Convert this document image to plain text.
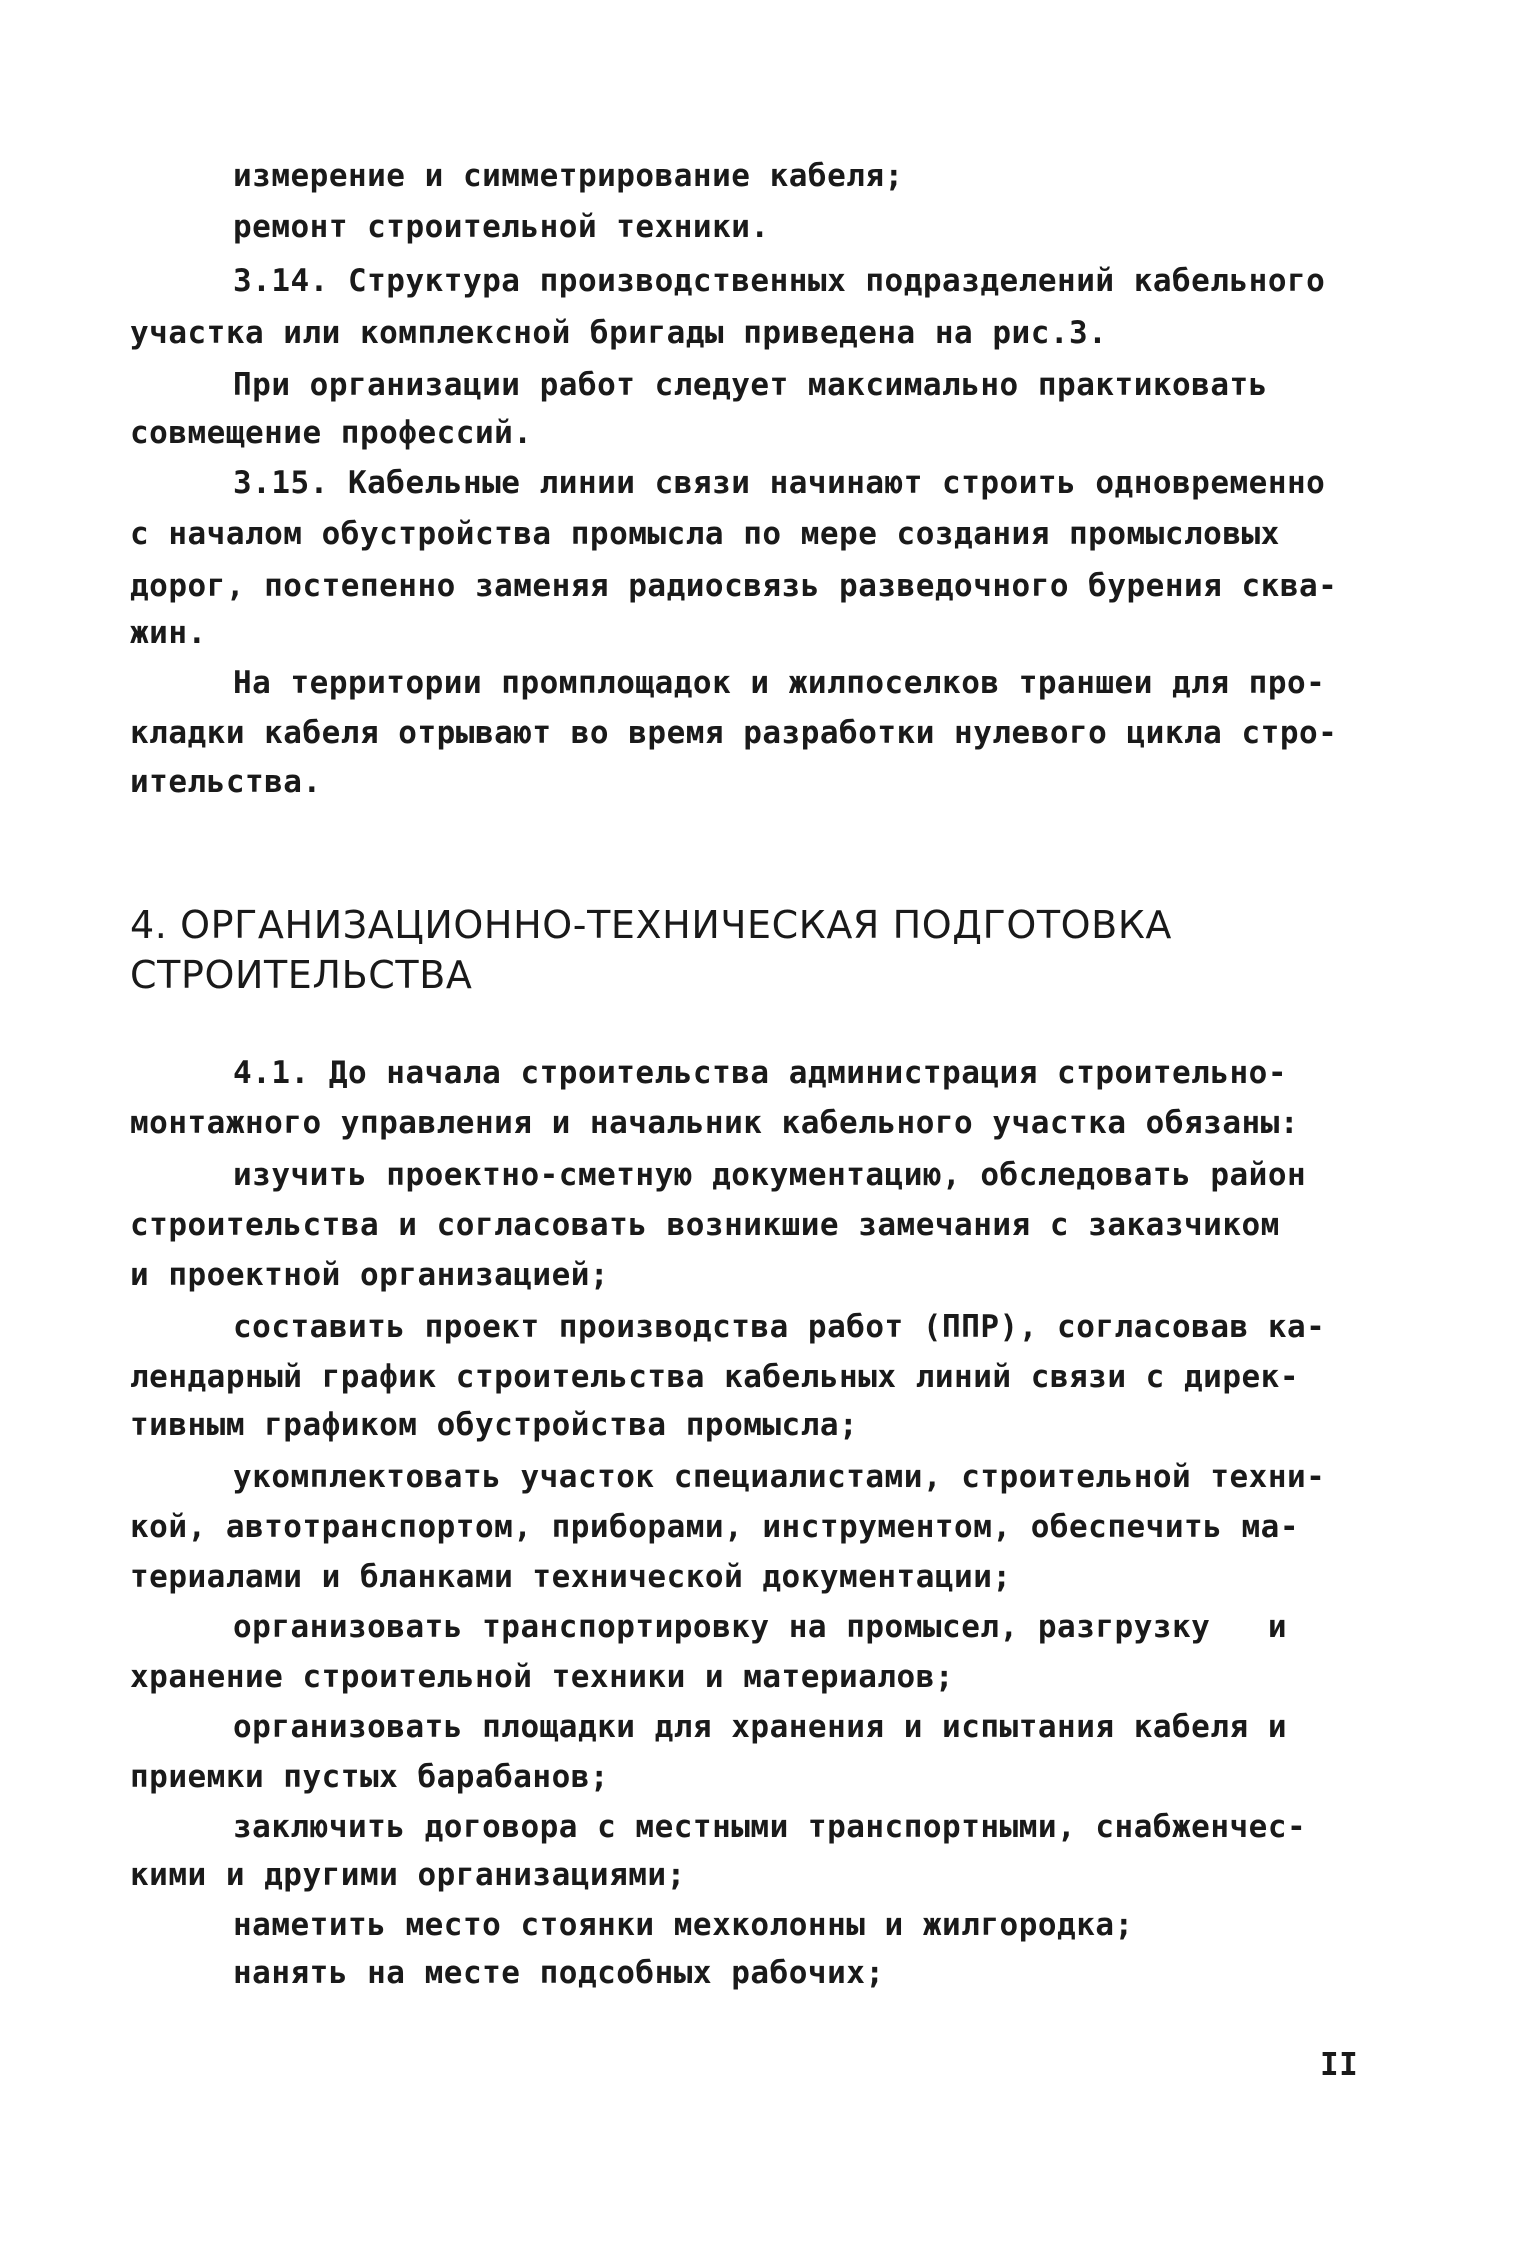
измерение и симметрирование кабеля;
ремонт строительной техники.
3.14. Структура производственных подразделений кабельного
участка или комплексной бригады приведена на рис.3.
При организации работ следует максимально практиковать
совмещение профессий.
3.15. Кабельные линии связи начинают строить одновременно
с началом обустройства промысла по мере создания промысловых
дорог, постепенно заменяя радиосвязь разведочного бурения сква-
жин.
На территории промплощадок и жилпоселков траншеи для про-
кладки кабеля отрывают во время разработки нулевого цикла стро-
ительства.
4. ОРГАНИЗАЦИОННО-ТЕХНИЧЕСКАЯ ПОДГОТОВКА
СТРОИТЕЛЬСТВА
4.1. До начала строительства администрация строительно-
монтажного управления и начальник кабельного участка обязаны:
изучить проектно-сметную документацию, обследовать район
строительства и согласовать возникшие замечания с заказчиком
и проектной организацией;
составить проект производства работ (ППР), согласовав ка-
лендарный график строительства кабельных линий связи с дирек-
тивным графиком обустройства промысла;
укомплектовать участок специалистами, строительной техни-
кой, автотранспортом, приборами, инструментом, обеспечить ма-
териалами и бланками технической документации;
организовать транспортировку на промысел, разгрузку   и
хранение строительной техники и материалов;
организовать площадки для хранения и испытания кабеля и
приемки пустых барабанов;
заключить договора с местными транспортными, снабженчес-
кими и другими организациями;
наметить место стоянки мехколонны и жилгородка;
нанять на месте подсобных рабочих;
II
